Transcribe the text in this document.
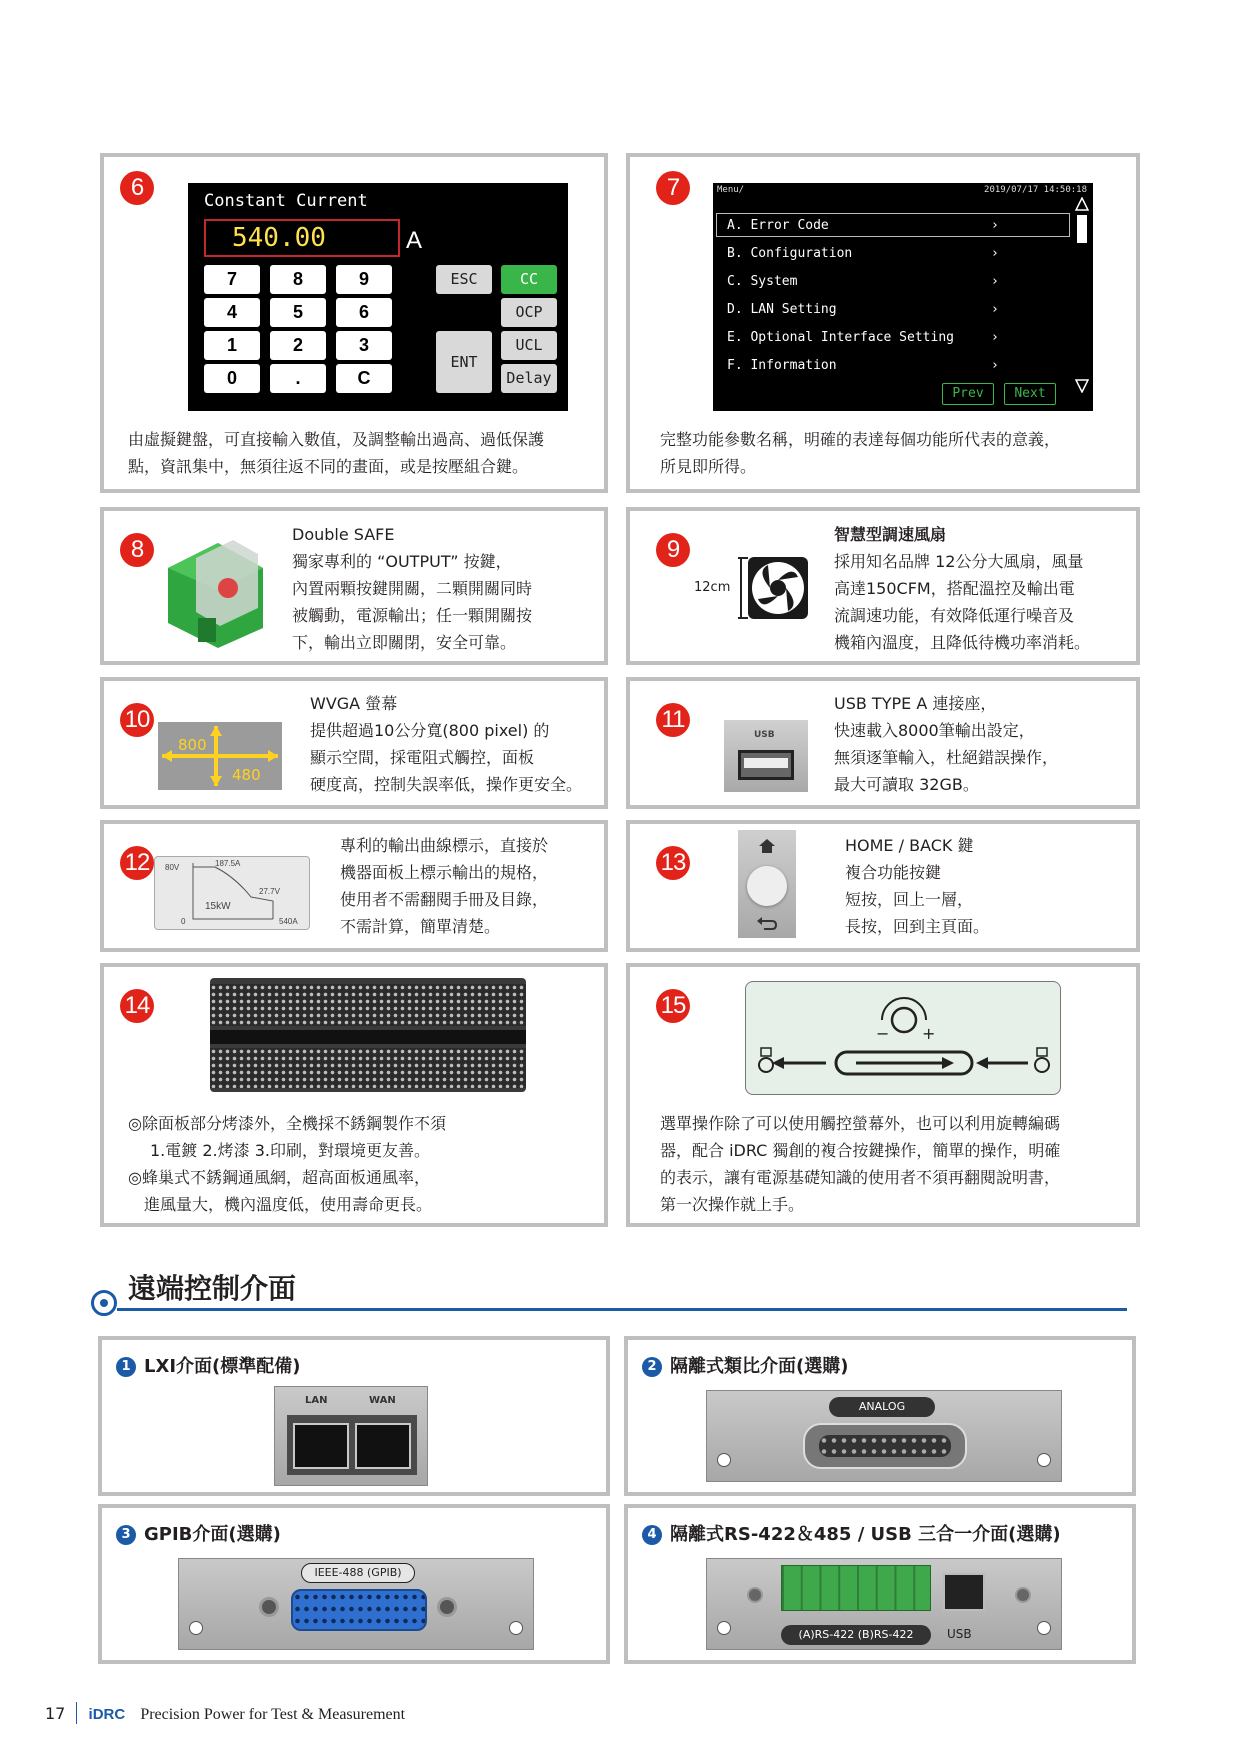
6	Constant Current
540.00	A
7	8	9
4	5	6
1	2	3
0	.	C
ESC
ENT
CC
OCP
UCL
Delay
由虛擬鍵盤，可直接輸入數值，及調整輸出過高、過低保護
點，資訊集中，無須往返不同的畫面，或是按壓組合鍵。
7	Menu/	2019/07/17 14:50:18
A. Error Code
B. Configuration
C. System
D. LAN Setting
E. Optional Interface Setting
F. Information
›
›
›
›
›
›
Prev	Next
完整功能參數名稱，明確的表達每個功能所代表的意義，
所見即所得。
8
Double SAFE
獨家專利的 “OUTPUT” 按鍵，
內置兩顆按鍵開關，二顆開關同時
被觸動，電源輸出；任一顆開關按
下，輸出立即關閉，安全可靠。
9
12cm
智慧型調速風扇
採用知名品牌 12公分大風扇，風量
高達150CFM，搭配溫控及輸出電
流調速功能，有效降低運行噪音及
機箱內溫度，且降低待機功率消耗。
10
800
480
WVGA 螢幕
提供超過10公分寬(800 pixel) 的
顯示空間，採電阻式觸控，面板
硬度高，控制失誤率低，操作更安全。
11
USB
USB TYPE A 連接座，
快速載入8000筆輸出設定，
無須逐筆輸入，杜絕錯誤操作，
最大可讀取 32GB。
12	80V	187.5A
15kW
27.7V
0	540A
專利的輸出曲線標示，直接於
機器面板上標示輸出的規格，
使用者不需翻閱手冊及目錄，
不需計算，簡單清楚。
13
HOME / BACK 鍵
複合功能按鍵
短按，回上一層，
長按，回到主頁面。
14
◎除面板部分烤漆外，全機採不銹鋼製作不須
1.電鍍 2.烤漆 3.印刷，對環境更友善。
◎蜂巢式不銹鋼通風網，超高面板通風率，
進風量大，機內溫度低，使用壽命更長。
15
− +
選單操作除了可以使用觸控螢幕外，也可以利用旋轉編碼
器，配合 iDRC 獨創的複合按鍵操作，簡單的操作，明確
的表示，讓有電源基礎知識的使用者不須再翻閱說明書，
第一次操作就上手。
遠端控制介面
1 LXI介面(標準配備)
LAN	WAN
2 隔離式類比介面(選購)
ANALOG
3 GPIB介面(選購)
IEEE-488 (GPIB)
4 隔離式RS-422＆485 / USB 三合一介面(選購)
(A)RS-422 (B)RS-422	USB
17 iDRC Precision Power for Test & Measurement
